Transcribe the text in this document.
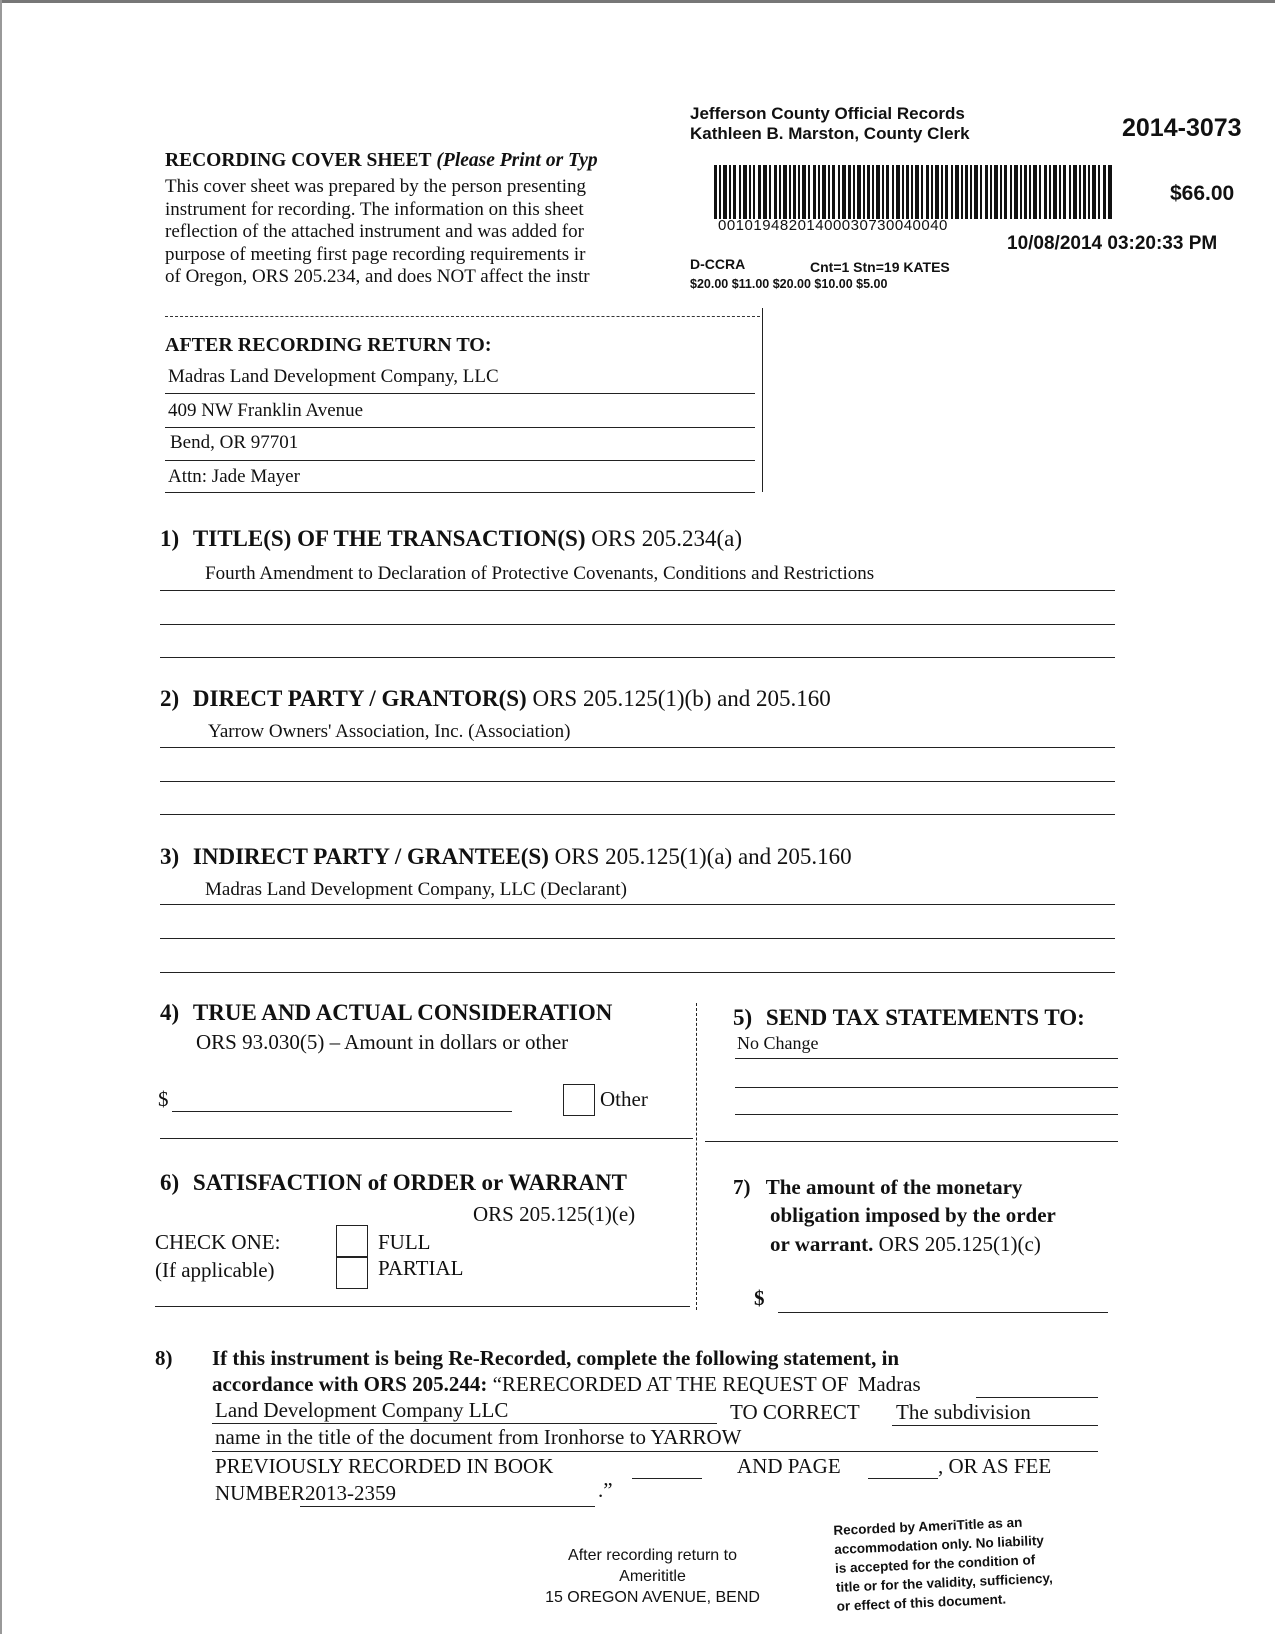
Jefferson County Official Records
Kathleen B. Marston, County Clerk	2014-3073
00101948201400030730040040
$66.00
10/08/2014 03:20:33 PM
D-CCRA	Cnt=1 Stn=19 KATES
$20.00 $11.00 $20.00 $10.00 $5.00
RECORDING COVER SHEET (Please Print or Typ
This cover sheet was prepared by the person presenting
instrument for recording. The information on this sheet
reflection of the attached instrument and was added for
purpose of meeting first page recording requirements ir
of Oregon, ORS 205.234, and does NOT affect the instr
AFTER RECORDING RETURN TO:
Madras Land Development Company, LLC
409 NW Franklin Avenue
Bend, OR 97701
Attn: Jade Mayer
1) TITLE(S) OF THE TRANSACTION(S) ORS 205.234(a)
Fourth Amendment to Declaration of Protective Covenants, Conditions and Restrictions
2) DIRECT PARTY / GRANTOR(S) ORS 205.125(1)(b) and 205.160
Yarrow Owners' Association, Inc. (Association)
3) INDIRECT PARTY / GRANTEE(S) ORS 205.125(1)(a) and 205.160
Madras Land Development Company, LLC (Declarant)
4) TRUE AND ACTUAL CONSIDERATION
ORS 93.030(5) – Amount in dollars or other
$	Other
5) SEND TAX STATEMENTS TO:
No Change
6) SATISFACTION of ORDER or WARRANT
ORS 205.125(1)(e)
CHECK ONE:
(If applicable)
FULL
PARTIAL
7) The amount of the monetary
obligation imposed by the order
or warrant. ORS 205.125(1)(c)
$
8) If this instrument is being Re-Recorded, complete the following statement, in
accordance with ORS 205.244: “RERECORDED AT THE REQUEST OF Madras
Land Development Company LLC	TO CORRECT The subdivision
name in the title of the document from Ironhorse to YARROW
PREVIOUSLY RECORDED IN BOOK	AND PAGE	, OR AS FEE
NUMBER 2013-2359	.”
After recording return to
Amerititle
15 OREGON AVENUE, BEND
Recorded by AmeriTitle as an
accommodation only. No liability
is accepted for the condition of
title or for the validity, sufficiency,
or effect of this document.
